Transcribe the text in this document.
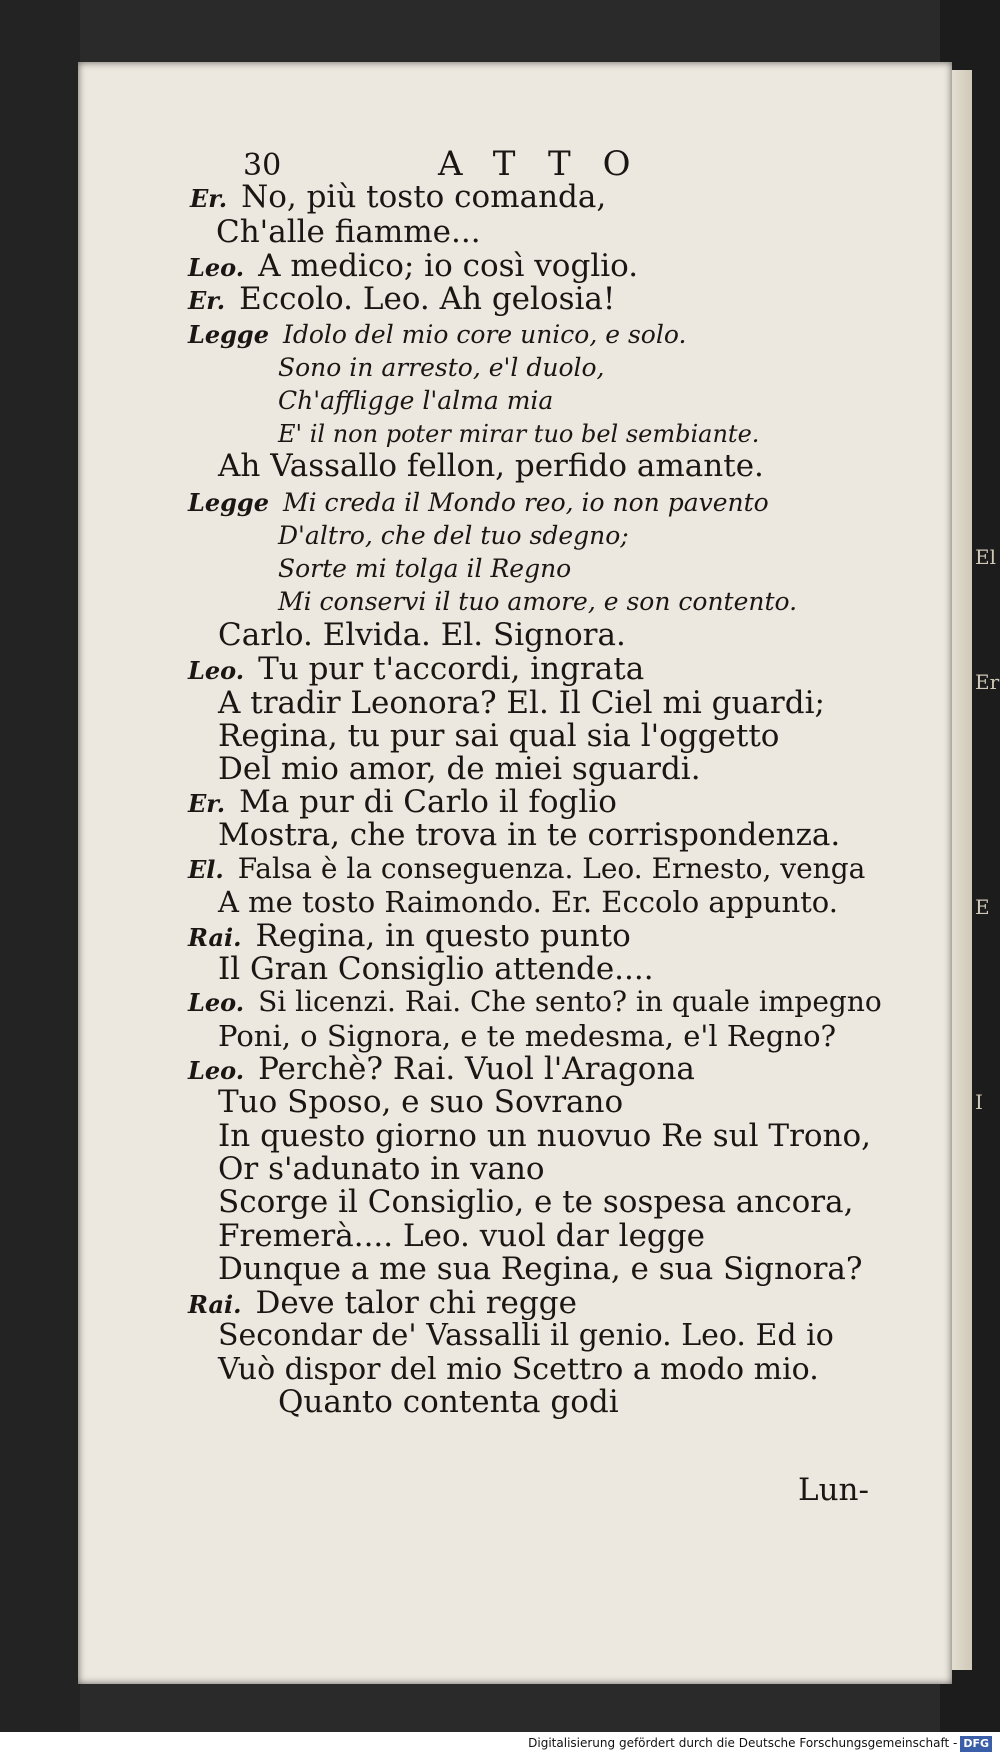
El
Er
E
I
30	ATTO
Er. No, più tosto comanda,
Ch'alle fiamme...
Leo. A medico; io così voglio.
Er. Eccolo. Leo. Ah gelosia!
Legge Idolo del mio core unico, e solo.
Sono in arresto, e'l duolo,
Ch'affligge l'alma mia
E' il non poter mirar tuo bel sembiante.
Ah Vassallo fellon, perfido amante.
Legge Mi creda il Mondo reo, io non pavento
D'altro, che del tuo sdegno;
Sorte mi tolga il Regno
Mi conservi il tuo amore, e son contento.
Carlo. Elvida. El. Signora.
Leo. Tu pur t'accordi, ingrata
A tradir Leonora? El. Il Ciel mi guardi;
Regina, tu pur sai qual sia l'oggetto
Del mio amor, de miei sguardi.
Er. Ma pur di Carlo il foglio
Mostra, che trova in te corrispondenza.
El. Falsa è la conseguenza. Leo. Ernesto, venga
A me tosto Raimondo. Er. Eccolo appunto.
Rai. Regina, in questo punto
Il Gran Consiglio attende....
Leo. Si licenzi. Rai. Che sento? in quale impegno
Poni, o Signora, e te medesma, e'l Regno?
Leo. Perchè? Rai. Vuol l'Aragona
Tuo Sposo, e suo Sovrano
In questo giorno un nuovuo Re sul Trono,
Or s'adunato in vano
Scorge il Consiglio, e te sospesa ancora,
Fremerà.... Leo. vuol dar legge
Dunque a me sua Regina, e sua Signora?
Rai. Deve talor chi regge
Secondar de' Vassalli il genio. Leo. Ed io
Vuò dispor del mio Scettro a modo mio.
Quanto contenta godi
Lun-
Digitalisierung gefördert durch die Deutsche Forschungsgemeinschaft - DFG
